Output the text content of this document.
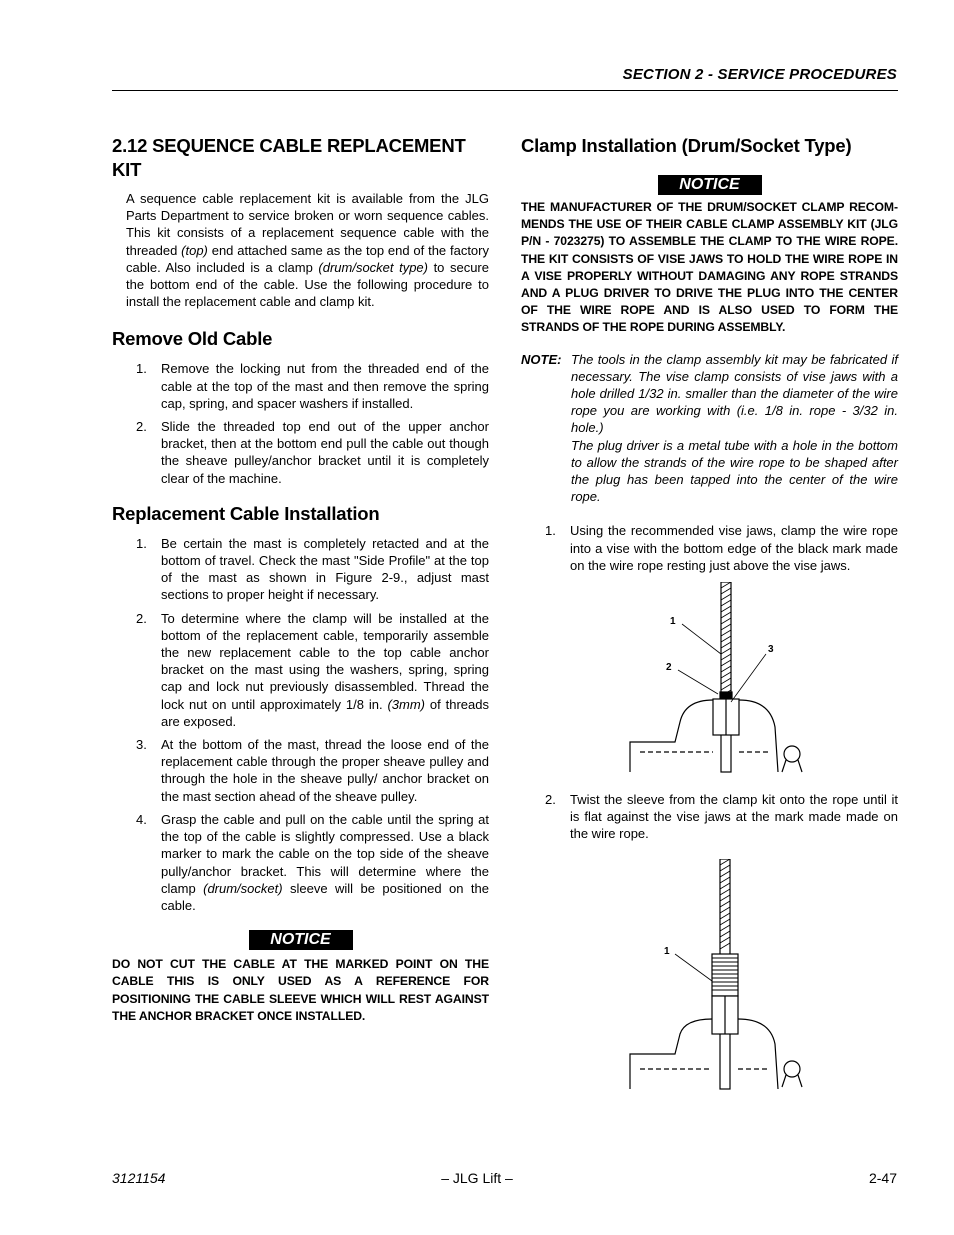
SECTION 2 - SERVICE PROCEDURES
2.12 SEQUENCE CABLE REPLACEMENT KIT

A sequence cable replacement kit is available from the JLG Parts Department to service broken or worn sequence cables. This kit consists of a replacement sequence cable with the threaded (top) end attached same as the top end of the factory cable. Also included is a clamp (drum/socket type) to secure the bottom end of the cable. Use the following procedure to install the replacement cable and clamp kit.

Remove Old Cable
1. Remove the locking nut from the threaded end of the cable at the top of the mast and then remove the spring cap, spring, and spacer washers if installed.
2. Slide the threaded top end out of the upper anchor bracket, then at the bottom end pull the cable out though the sheave pulley/anchor bracket until it is completely clear of the machine.
Replacement Cable Installation
1. Be certain the mast is completely retacted and at the bottom of travel. Check the mast "Side Profile" at the top of the mast as shown in Figure 2-9., adjust mast sections to proper height if necessary.
2. To determine where the clamp will be installed at the bottom of the replacement cable, temporarily assemble the new replacement cable to the top cable anchor bracket on the mast using the washers, spring, spring cap and lock nut previously disassembled. Thread the lock nut on until approximately 1/8 in. (3mm) of threads are exposed.
3. At the bottom of the mast, thread the loose end of the replacement cable through the proper sheave pulley and through the hole in the sheave pully/ anchor bracket on the mast section ahead of the sheave pulley.
4. Grasp the cable and pull on the cable until the spring at the top of the cable is slightly compressed. Use a black marker to mark the cable on the top side of the sheave pully/anchor bracket. This will determine where the clamp (drum/socket) sleeve will be positioned on the cable.
NOTICE
DO NOT CUT THE CABLE AT THE MARKED POINT ON THE CABLE THIS IS ONLY USED AS A REFERENCE FOR POSITIONING THE CABLE SLEEVE WHICH WILL REST AGAINST THE ANCHOR BRACKET ONCE INSTALLED.
Clamp Installation (Drum/Socket Type)
NOTICE
THE MANUFACTURER OF THE DRUM/SOCKET CLAMP RECOMMENDS THE USE OF THEIR CABLE CLAMP ASSEMBLY KIT (JLG P/N - 7023275) TO ASSEMBLE THE CLAMP TO THE WIRE ROPE. THE KIT CONSISTS OF VISE JAWS TO HOLD THE WIRE ROPE IN A VISE PROPERLY WITHOUT DAMAGING ANY ROPE STRANDS AND A PLUG DRIVER TO DRIVE THE PLUG INTO THE CENTER OF THE WIRE ROPE AND IS ALSO USED TO FORM THE STRANDS OF THE ROPE DURING ASSEMBLY.
NOTE: The tools in the clamp assembly kit may be fabricated if necessary. The vise clamp consists of vise jaws with a hole drilled 1/32 in. smaller than the diameter of the wire rope you are working with (i.e. 1/8 in. rope - 3/32 in. hole.)

The plug driver is a metal tube with a hole in the bottom to allow the strands of the wire rope to be shaped after the plug has been tapped into the center of the wire rope.

1. Using the recommended vise jaws, clamp the wire rope into a vise with the bottom edge of the black mark made on the wire rope resting just above the vise jaws.
1
2
3
2. Twist the sleeve from the clamp kit onto the rope until it is flat against the vise jaws at the mark made made on the wire rope.
1
3121154	– JLG Lift –	2-47
